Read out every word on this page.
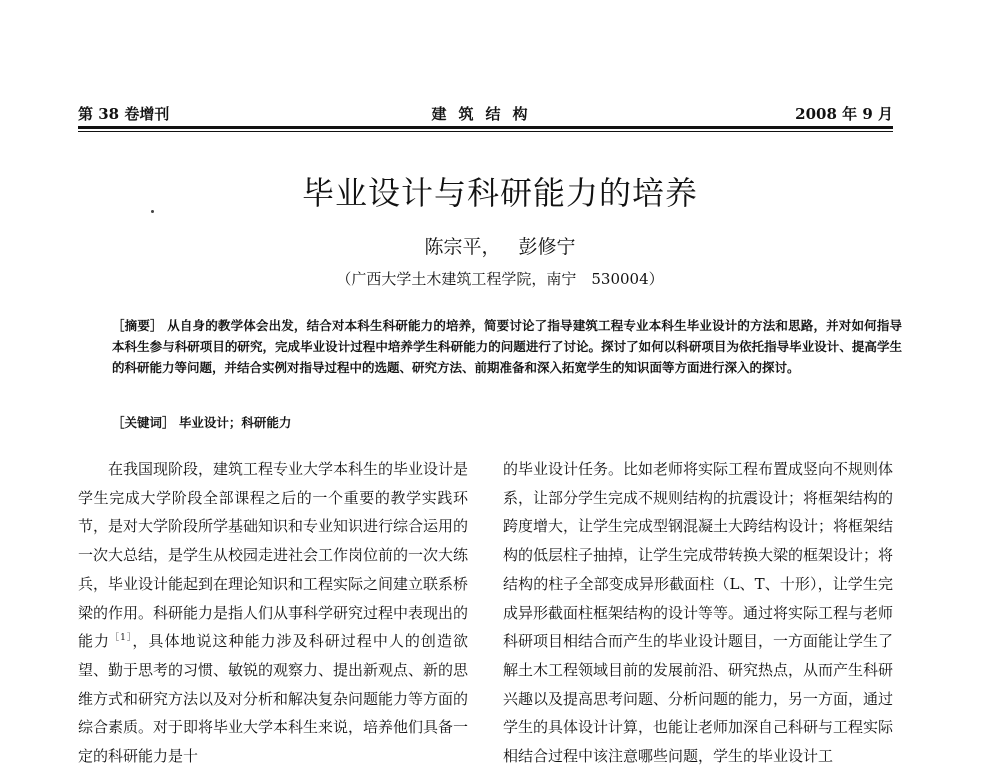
第 38 卷增刊	建筑结构	2008 年 9 月
毕业设计与科研能力的培养
陈宗平， 彭修宁
（广西大学土木建筑工程学院，南宁　530004）
［摘要］ 从自身的教学体会出发，结合对本科生科研能力的培养，简要讨论了指导建筑工程专业本科生毕业设计的方法和思路，并对如何指导本科生参与科研项目的研究，完成毕业设计过程中培养学生科研能力的问题进行了讨论。探讨了如何以科研项目为依托指导毕业设计、提高学生的科研能力等问题，并结合实例对指导过程中的选题、研究方法、前期准备和深入拓宽学生的知识面等方面进行深入的探讨。
［关键词］ 毕业设计；科研能力

在我国现阶段，建筑工程专业大学本科生的毕业设计是学生完成大学阶段全部课程之后的一个重要的教学实践环节，是对大学阶段所学基础知识和专业知识进行综合运用的一次大总结，是学生从校园走进社会工作岗位前的一次大练兵，毕业设计能起到在理论知识和工程实际之间建立联系桥梁的作用。科研能力是指人们从事科学研究过程中表现出的能力$^{[1]}$，具体地说这种能力涉及科研过程中人的创造欲望、勤于思考的习惯、敏锐的观察力、提出新观点、新的思维方式和研究方法以及对分析和解决复杂问题能力等方面的综合素质。对于即将毕业大学本科生来说，培养他们具备一定的科研能力是十

的毕业设计任务。比如老师将实际工程布置成竖向不规则体系，让部分学生完成不规则结构的抗震设计；将框架结构的跨度增大，让学生完成型钢混凝土大跨结构设计；将框架结构的低层柱子抽掉，让学生完成带转换大梁的框架设计；将结构的柱子全部变成异形截面柱（L、T、十形），让学生完成异形截面柱框架结构的设计等等。通过将实际工程与老师科研项目相结合而产生的毕业设计题目，一方面能让学生了解土木工程领域目前的发展前沿、研究热点，从而产生科研兴趣以及提高思考问题、分析问题的能力，另一方面，通过学生的具体设计计算，也能让老师加深自己科研与工程实际相结合过程中该注意哪些问题，学生的毕业设计工
